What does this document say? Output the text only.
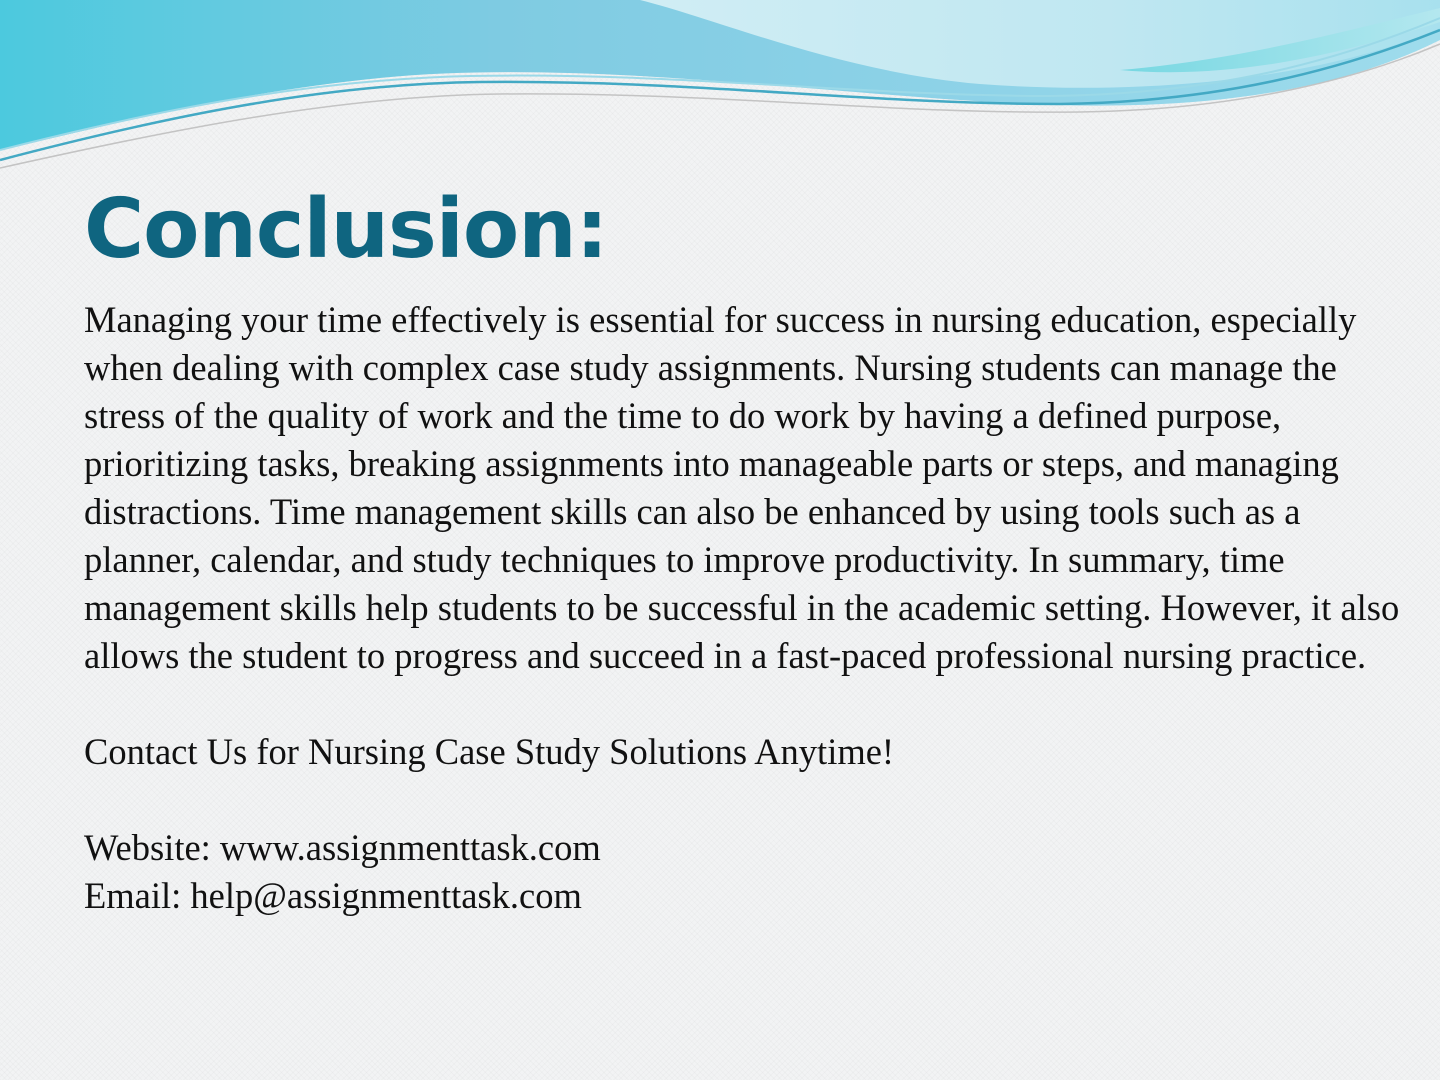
Conclusion:

Managing your time effectively is essential for success in nursing education, especially when dealing with complex case study assignments. Nursing students can manage the stress of the quality of work and the time to do work by having a defined purpose, prioritizing tasks, breaking assignments into manageable parts or steps, and managing distractions. Time management skills can also be enhanced by using tools such as a planner, calendar, and study techniques to improve productivity. In summary, time management skills help students to be successful in the academic setting. However, it also allows the student to progress and succeed in a fast-paced professional nursing practice.

Contact Us for Nursing Case Study Solutions Anytime!

Website: www.assignmenttask.com

Email: help@assignmenttask.com
